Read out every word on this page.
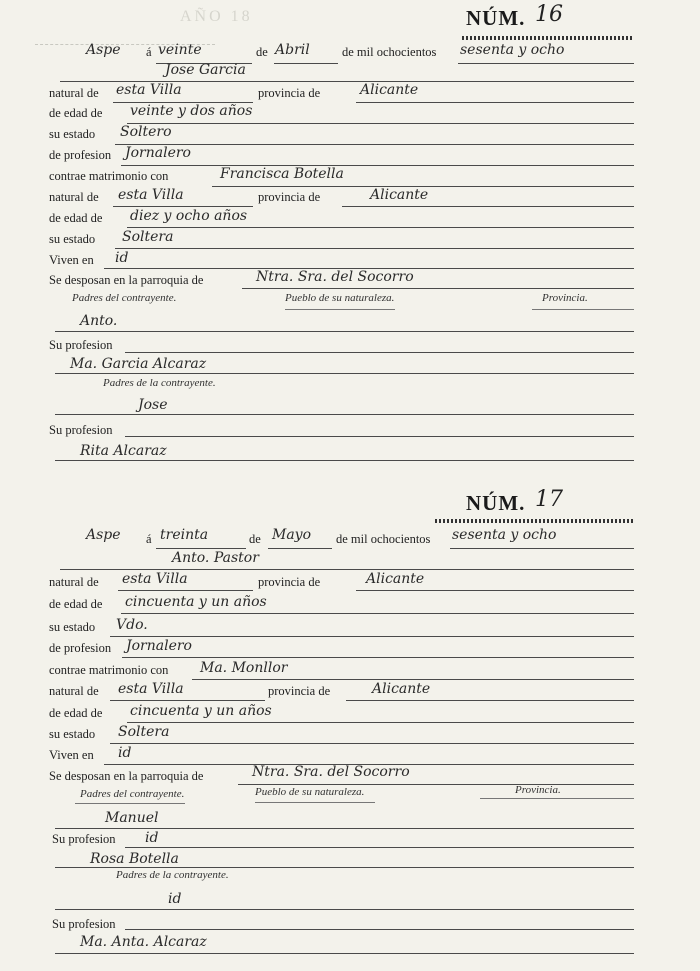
AÑO 18	NÚM. 16
Aspe á veinte	de Abril	de mil ochocientos sesenta y ocho
Jose Garcia
natural de esta Villa	provincia de	Alicante
de edad de veinte y dos años
su estado Soltero
de profesion Jornalero
contrae matrimonio con	Francisca Botella
natural de esta Villa	provincia de	Alicante
de edad de diez y ocho años
su estado Soltera
Viven en id
Se desposan en la parroquia de	Ntra. Sra. del Socorro
Padres del contrayente.	Pueblo de su naturaleza.	Provincia.
Anto.
Su profesion
Ma. Garcia Alcaraz
Padres de la contrayente.
Jose
Su profesion
Rita Alcaraz
NÚM. 17
Aspe á treinta	de Mayo de mil ochocientos sesenta y ocho
Anto. Pastor
natural de esta Villa	provincia de	Alicante
de edad de cincuenta y un años
su estado Vdo.
de profesion Jornalero
contrae matrimonio con Ma. Monllor
natural de esta Villa	provincia de	Alicante
de edad de cincuenta y un años
su estado Soltera
Viven en id
Se desposan en la parroquia de	Ntra. Sra. del Socorro
Padres del contrayente.	Pueblo de su naturaleza.	Provincia.
Manuel
Su profesion id
Rosa Botella
Padres de la contrayente.
id
Su profesion
Ma. Anta. Alcaraz
